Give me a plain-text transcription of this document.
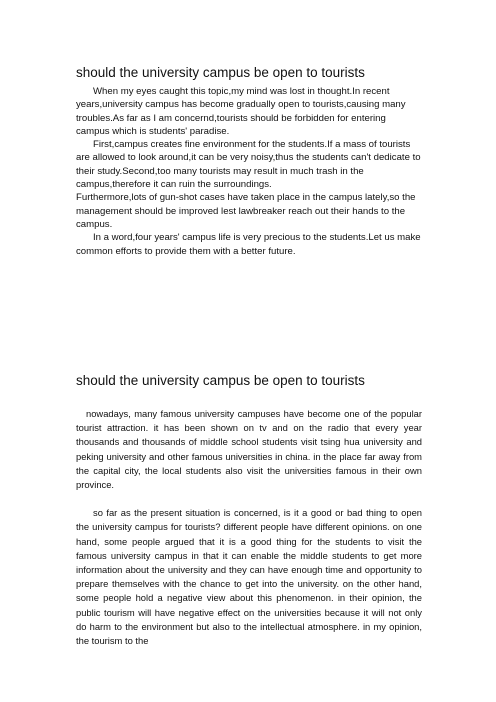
should the university campus be open to tourists

When my eyes caught this topic,my mind was lost in thought.In recent years,university campus has become gradually open to tourists,causing many troubles.As far as I am concernd,tourists should be forbidden for entering campus which is students' paradise.

First,campus creates fine environment for the students.If a mass of tourists are allowed to look around,it can be very noisy,thus the students can't dedicate to their study.Second,too many tourists may result in much trash in the campus,therefore it can ruin the surroundings.

Furthermore,lots of gun-shot cases have taken place in the campus lately,so the management should be improved lest lawbreaker reach out their hands to the campus.

In a word,four years' campus life is very precious to the students.Let us make common efforts to provide them with a better future.

should the university campus be open to tourists

nowadays, many famous university campuses have become one of the popular tourist attraction. it has been shown on tv and on the radio that every year thousands and thousands of middle school students visit tsing hua university and peking university and other famous universities in china. in the place far away from the capital city, the local students also visit the universities famous in their own province.

so far as the present situation is concerned, is it a good or bad thing to open the university campus for tourists? different people have different opinions. on one hand, some people argued that it is a good thing for the students to visit the famous university campus in that it can enable the middle students to get more information about the university and they can have enough time and opportunity to prepare themselves with the chance to get into the university. on the other hand, some people hold a negative view about this phenomenon. in their opinion, the public tourism will have negative effect on the universities because it will not only do harm to the environment but also to the intellectual atmosphere. in my opinion, the tourism to the
